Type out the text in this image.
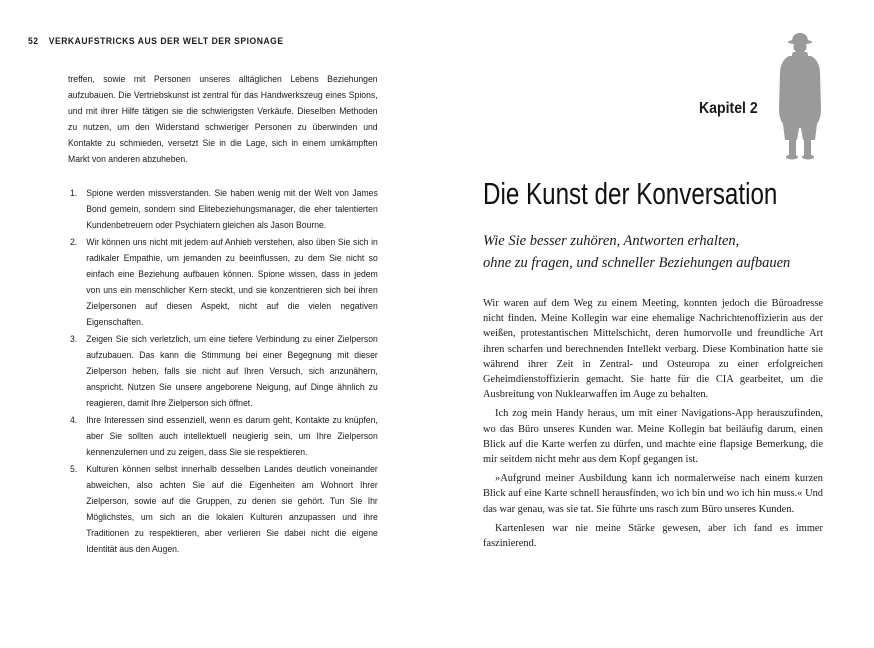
52 VERKAUFSTRICKS AUS DER WELT DER SPIONAGE

treffen, sowie mit Personen unseres alltäglichen Lebens Beziehungen aufzubauen. Die Vertriebskunst ist zentral für das Handwerkszeug eines Spions, und mit ihrer Hilfe tätigen sie die schwierigsten Verkäufe. Dieselben Methoden zu nutzen, um den Widerstand schwieriger Personen zu überwinden und Kontakte zu schmieden, versetzt Sie in die Lage, sich in einem umkämpften Markt von anderen abzuheben.

1. Spione werden missverstanden. Sie haben wenig mit der Welt von James Bond gemein, sondern sind Elitebeziehungsmanager, die eher talentierten Kundenbetreuern oder Psychiatern gleichen als Jason Bourne.
2. Wir können uns nicht mit jedem auf Anhieb verstehen, also üben Sie sich in radikaler Empathie, um jemanden zu beeinflussen, zu dem Sie nicht so einfach eine Beziehung aufbauen können. Spione wissen, dass in jedem von uns ein menschlicher Kern steckt, und sie konzentrieren sich bei ihren Zielpersonen auf diesen Aspekt, nicht auf die vielen negativen Eigenschaften.
3. Zeigen Sie sich verletzlich, um eine tiefere Verbindung zu einer Zielperson aufzubauen. Das kann die Stimmung bei einer Begegnung mit dieser Zielperson heben, falls sie nicht auf Ihren Versuch, sich anzunähern, anspricht. Nutzen Sie unsere angeborene Neigung, auf Dinge ähnlich zu reagieren, damit Ihre Zielperson sich öffnet.
4. Ihre Interessen sind essenziell, wenn es darum geht, Kontakte zu knüpfen, aber Sie sollten auch intellektuell neugierig sein, um Ihre Zielperson kennenzulernen und zu zeigen, dass Sie sie respektieren.
5. Kulturen können selbst innerhalb desselben Landes deutlich voneinander abweichen, also achten Sie auf die Eigenheiten am Wohnort Ihrer Zielperson, sowie auf die Gruppen, zu denen sie gehört. Tun Sie Ihr Möglichstes, um sich an die lokalen Kulturen anzupassen und ihre Traditionen zu respektieren, aber verlieren Sie dabei nicht die eigene Identität aus den Augen.
Kapitel 2
Die Kunst der Konversation
Wie Sie besser zuhören, Antworten erhalten,
ohne zu fragen, und schneller Beziehungen aufbauen

Wir waren auf dem Weg zu einem Meeting, konnten jedoch die Büroadresse nicht finden. Meine Kollegin war eine ehemalige Nachrichtenoffizierin aus der weißen, protestantischen Mittelschicht, deren humorvolle und freundliche Art ihren scharfen und berechnenden Intellekt verbarg. Diese Kombination hatte sie während ihrer Zeit in Zentral- und Osteuropa zu einer erfolgreichen Geheimdienstoffizierin gemacht. Sie hatte für die CIA gearbeitet, um die Ausbreitung von Nuklearwaffen im Auge zu behalten.

Ich zog mein Handy heraus, um mit einer Navigations-App herauszufinden, wo das Büro unseres Kunden war. Meine Kollegin bat beiläufig darum, einen Blick auf die Karte werfen zu dürfen, und machte eine flapsige Bemerkung, die mir seitdem nicht mehr aus dem Kopf gegangen ist.

»Aufgrund meiner Ausbildung kann ich normalerweise nach einem kurzen Blick auf eine Karte schnell herausfinden, wo ich bin und wo ich hin muss.« Und das war genau, was sie tat. Sie führte uns rasch zum Büro unseres Kunden.

Kartenlesen war nie meine Stärke gewesen, aber ich fand es immer faszinierend.
